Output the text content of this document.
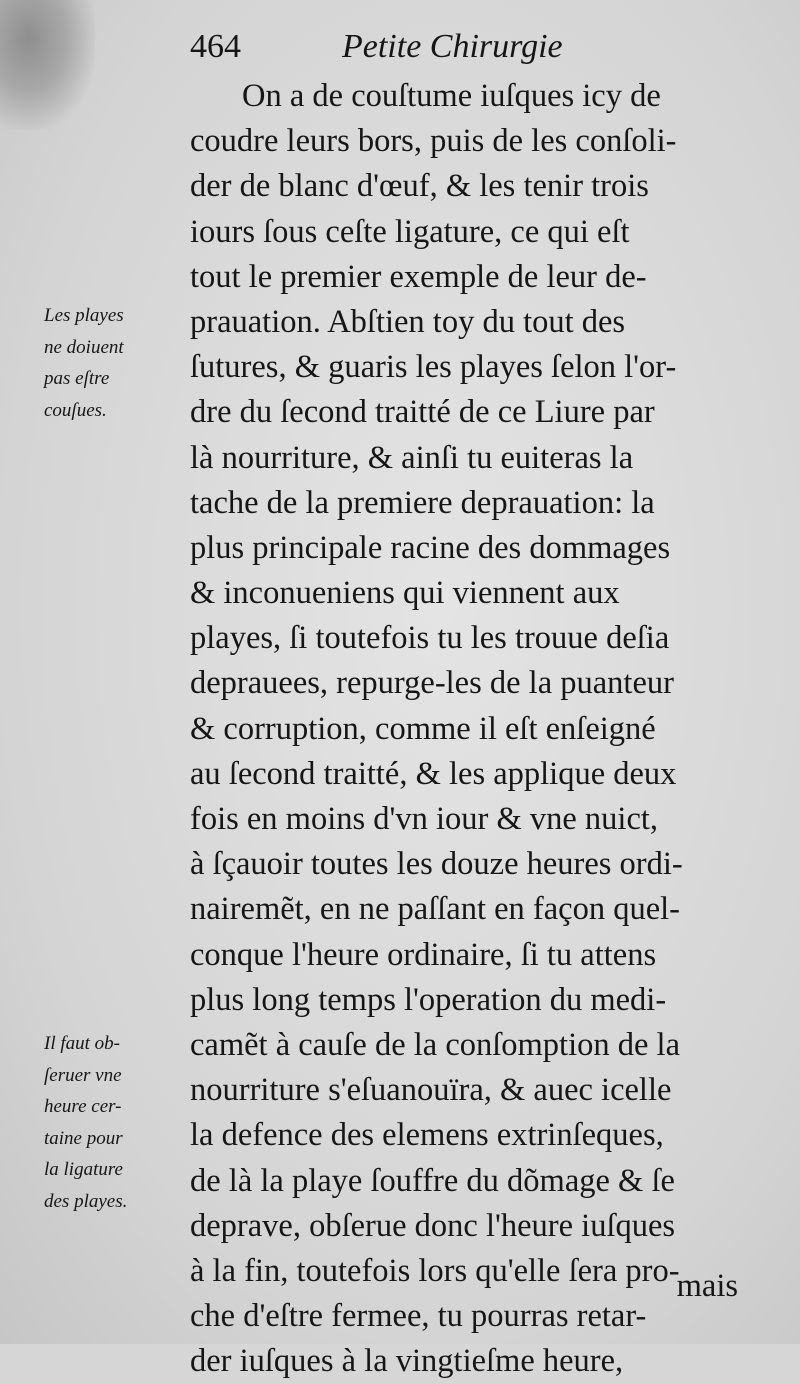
464	Petite Chirurgie
On a de couſtume iuſques icy de
coudre leurs bors, puis de les conſoli-
der de blanc d'œuf, & les tenir trois
iours ſous ceſte ligature, ce qui eſt
tout le premier exemple de leur de-
prauation. Abſtien toy du tout des
ſutures, & guaris les playes ſelon l'or-
dre du ſecond traitté de ce Liure par
là nourriture, & ainſi tu euiteras la
tache de la premiere deprauation: la
plus principale racine des dommages
& inconueniens qui viennent aux
playes, ſi toutefois tu les trouue deſia
deprauees, repurge-les de la puanteur
& corruption, comme il eſt enſeigné
au ſecond traitté, & les applique deux
fois en moins d'vn iour & vne nuict,
à ſçauoir toutes les douze heures ordi-
nairemẽt, en ne paſſant en façon quel-
conque l'heure ordinaire, ſi tu attens
plus long temps l'operation du medi-
camẽt à cauſe de la conſomption de la
nourriture s'eſuanouïra, & auec icelle
la defence des elemens extrinſeques,
de là la playe ſouffre du dõmage & ſe
deprave, obſerue donc l'heure iuſques
à la fin, toutefois lors qu'elle ſera pro-
che d'eſtre fermee, tu pourras retar-
der iuſques à la vingtieſme heure,
mais
Les playes
ne doiuent
pas eſtre
couſues.
Il faut ob-
ſeruer vne
heure cer-
taine pour
la ligature
des playes.
